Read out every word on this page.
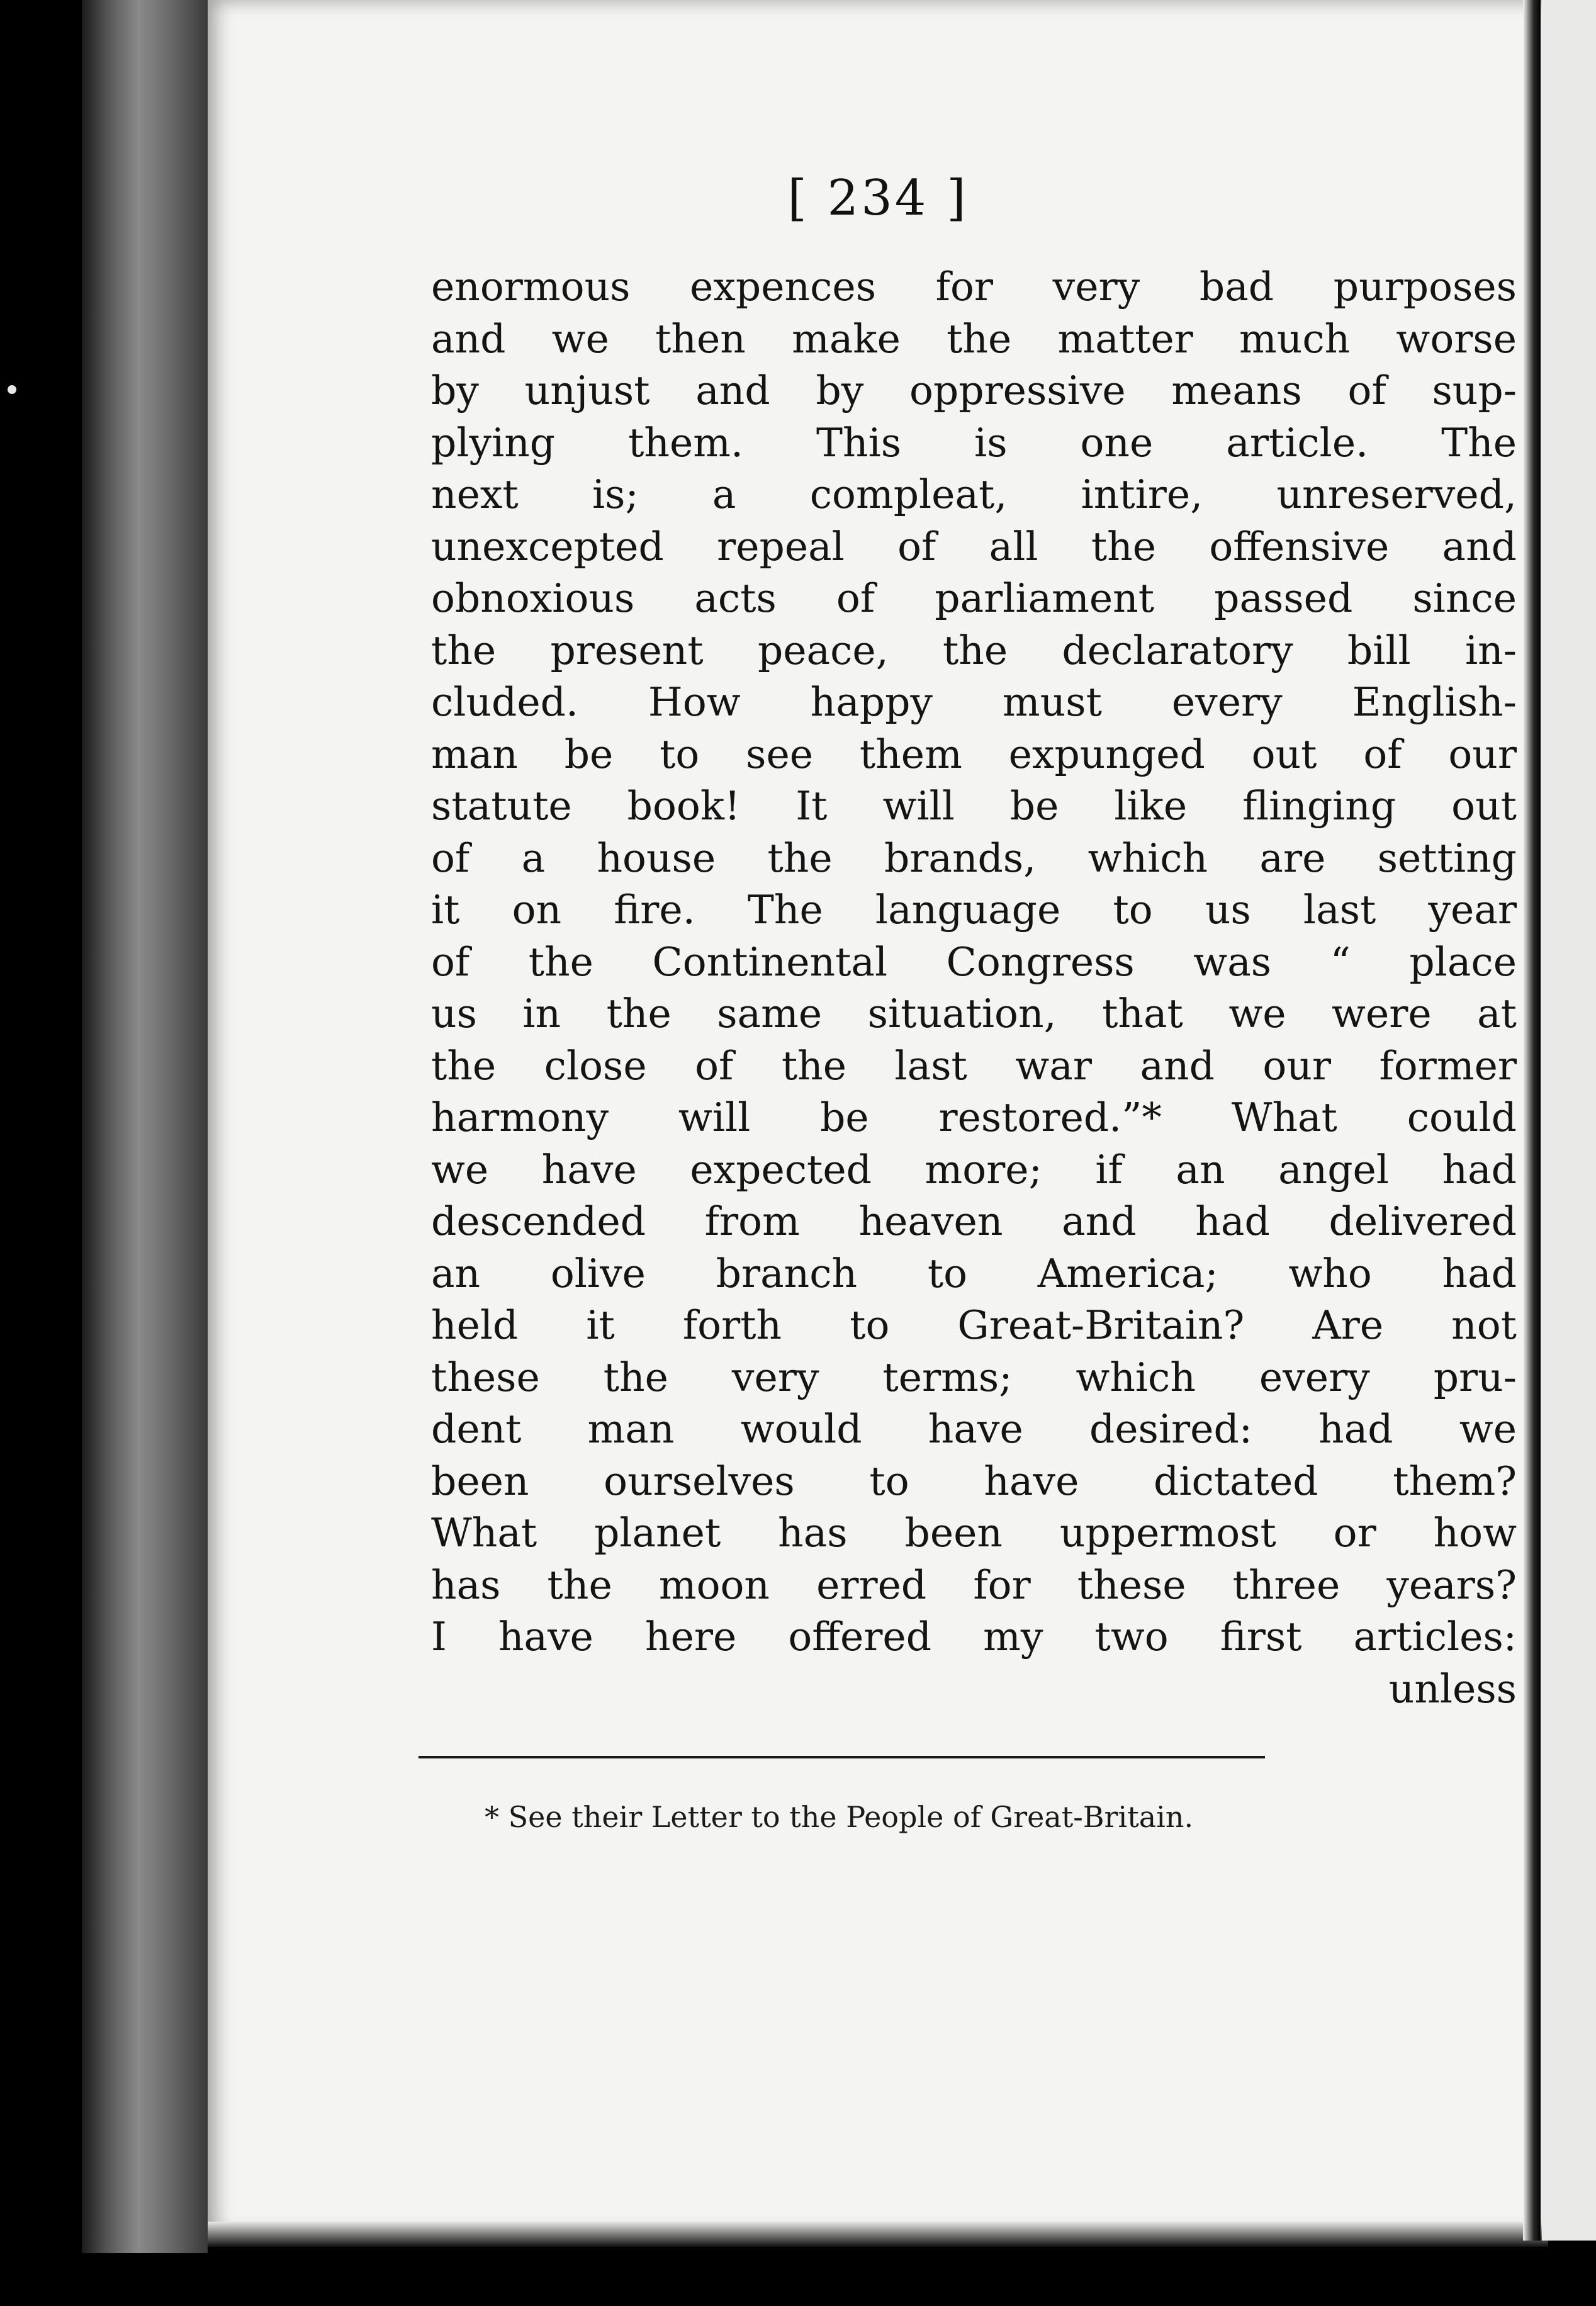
[ 234 ]
enormous expences for very bad purposes
and we then make the matter much worse
by unjust and by oppressive means of sup-
plying them. This is one article. The
next is; a compleat, intire, unreserved,
unexcepted repeal of all the offensive and
obnoxious acts of parliament passed since
the present peace, the declaratory bill in-
cluded. How happy must every English-
man be to see them expunged out of our
statute book! It will be like flinging out
of a house the brands, which are setting
it on fire. The language to us last year
of the Continental Congress was “ place
us in the same situation, that we were at
the close of the last war and our former
harmony will be restored.”* What could
we have expected more; if an angel had
descended from heaven and had delivered
an olive branch to America; who had
held it forth to Great-Britain? Are not
these the very terms; which every pru-
dent man would have desired: had we
been ourselves to have dictated them?
What planet has been uppermost or how
has the moon erred for these three years?
I have here offered my two first articles:
unless
* See their Letter to the People of Great-Britain.
